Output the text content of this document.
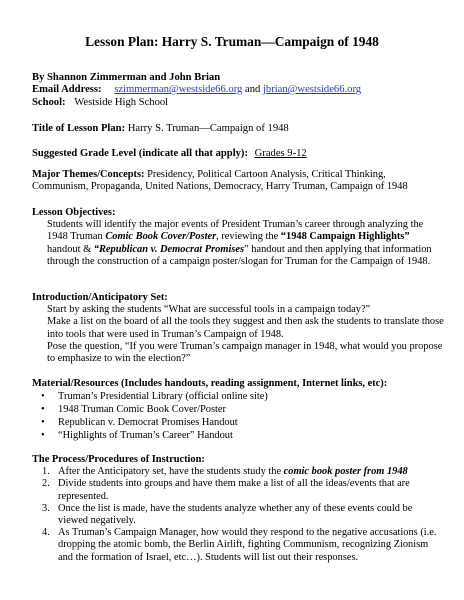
Lesson Plan: Harry S. Truman—Campaign of 1948
By Shannon Zimmerman and John Brian
Email Address: szimmerman@westside66.org and jbrian@westside66.org
School: Westside High School
Title of Lesson Plan: Harry S. Truman—Campaign of 1948
Suggested Grade Level (indicate all that apply): Grades 9-12
Major Themes/Concepts: Presidency, Political Cartoon Analysis, Critical Thinking,
Communism, Propaganda, United Nations, Democracy, Harry Truman, Campaign of 1948
Lesson Objectives:
Students will identify the major events of President Truman’s career through analyzing the 1948 Truman Comic Book Cover/Poster, reviewing the “1948 Campaign Highlights” handout & “Republican v. Democrat Promises” handout and then applying that information through the construction of a campaign poster/slogan for Truman for the Campaign of 1948.
Introduction/Anticipatory Set:
Start by asking the students “What are successful tools in a campaign today?”
Make a list on the board of all the tools they suggest and then ask the students to translate those into tools that were used in Truman’s Campaign of 1948.
Pose the question, “If you were Truman’s campaign manager in 1948, what would you propose to emphasize to win the election?”
Material/Resources (Includes handouts, reading assignment, Internet links, etc):
• Truman’s Presidential Library (official online site)
• 1948 Truman Comic Book Cover/Poster
• Republican v. Democrat Promises Handout
• “Highlights of Truman’s Career” Handout
The Process/Procedures of Instruction:
1. After the Anticipatory set, have the students study the comic book poster from 1948
2. Divide students into groups and have them make a list of all the ideas/events that are represented.
3. Once the list is made, have the students analyze whether any of these events could be viewed negatively.
4. As Truman’s Campaign Manager, how would they respond to the negative accusations (i.e. dropping the atomic bomb, the Berlin Airlift, fighting Communism, recognizing Zionism and the formation of Israel, etc…). Students will list out their responses.
